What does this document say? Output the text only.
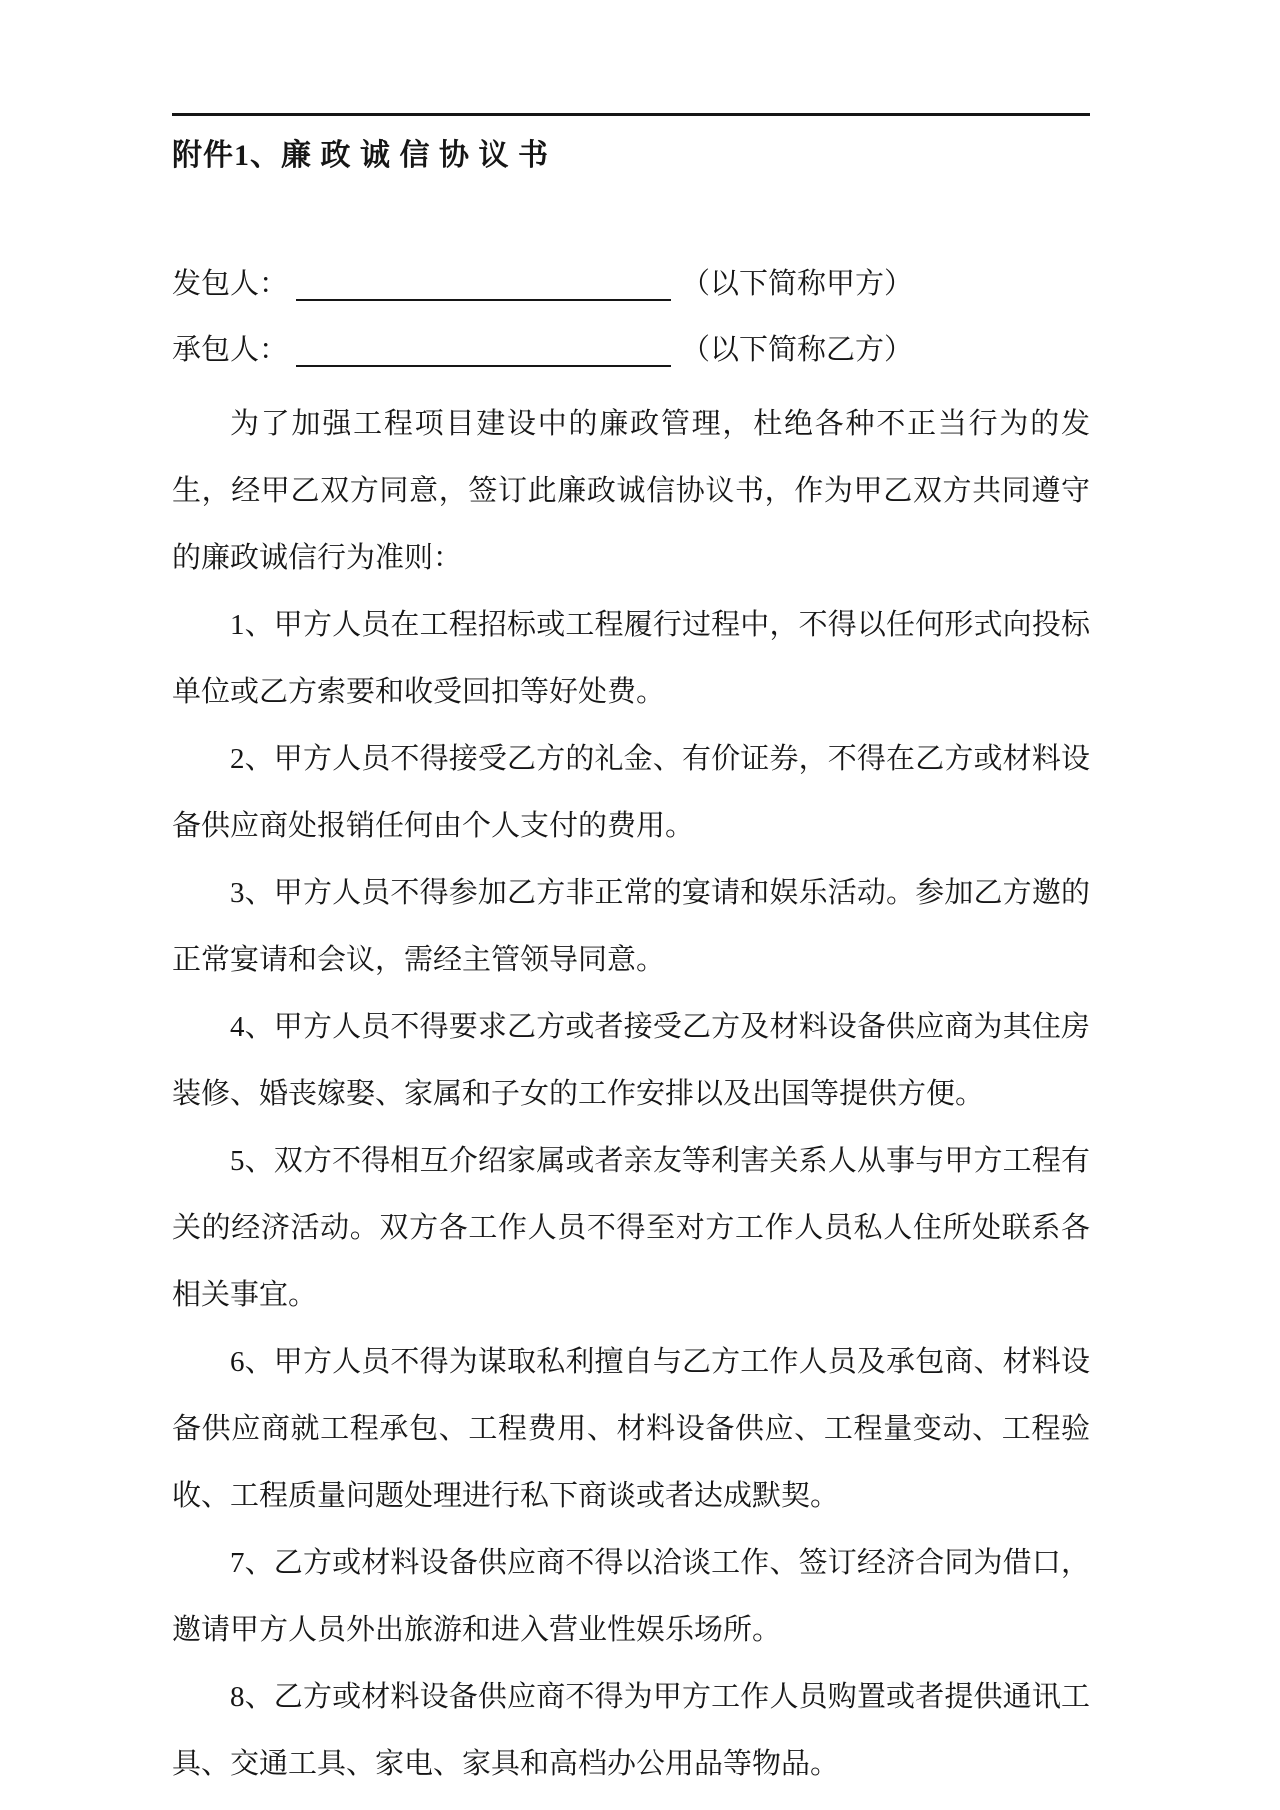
附件1、廉 政 诚 信 协 议 书
发包人：	（以下简称甲方）
承包人：	（以下简称乙方）

为了加强工程项目建设中的廉政管理，杜绝各种不正当行为的发生，经甲乙双方同意，签订此廉政诚信协议书，作为甲乙双方共同遵守的廉政诚信行为准则：

1、甲方人员在工程招标或工程履行过程中，不得以任何形式向投标单位或乙方索要和收受回扣等好处费。

2、甲方人员不得接受乙方的礼金、有价证券，不得在乙方或材料设备供应商处报销任何由个人支付的费用。

3、甲方人员不得参加乙方非正常的宴请和娱乐活动。参加乙方邀的正常宴请和会议，需经主管领导同意。

4、甲方人员不得要求乙方或者接受乙方及材料设备供应商为其住房装修、婚丧嫁娶、家属和子女的工作安排以及出国等提供方便。

5、双方不得相互介绍家属或者亲友等利害关系人从事与甲方工程有关的经济活动。双方各工作人员不得至对方工作人员私人住所处联系各相关事宜。

6、甲方人员不得为谋取私利擅自与乙方工作人员及承包商、材料设备供应商就工程承包、工程费用、材料设备供应、工程量变动、工程验收、工程质量问题处理进行私下商谈或者达成默契。

7、乙方或材料设备供应商不得以洽谈工作、签订经济合同为借口，邀请甲方人员外出旅游和进入营业性娱乐场所。

8、乙方或材料设备供应商不得为甲方工作人员购置或者提供通讯工具、交通工具、家电、家具和高档办公用品等物品。
